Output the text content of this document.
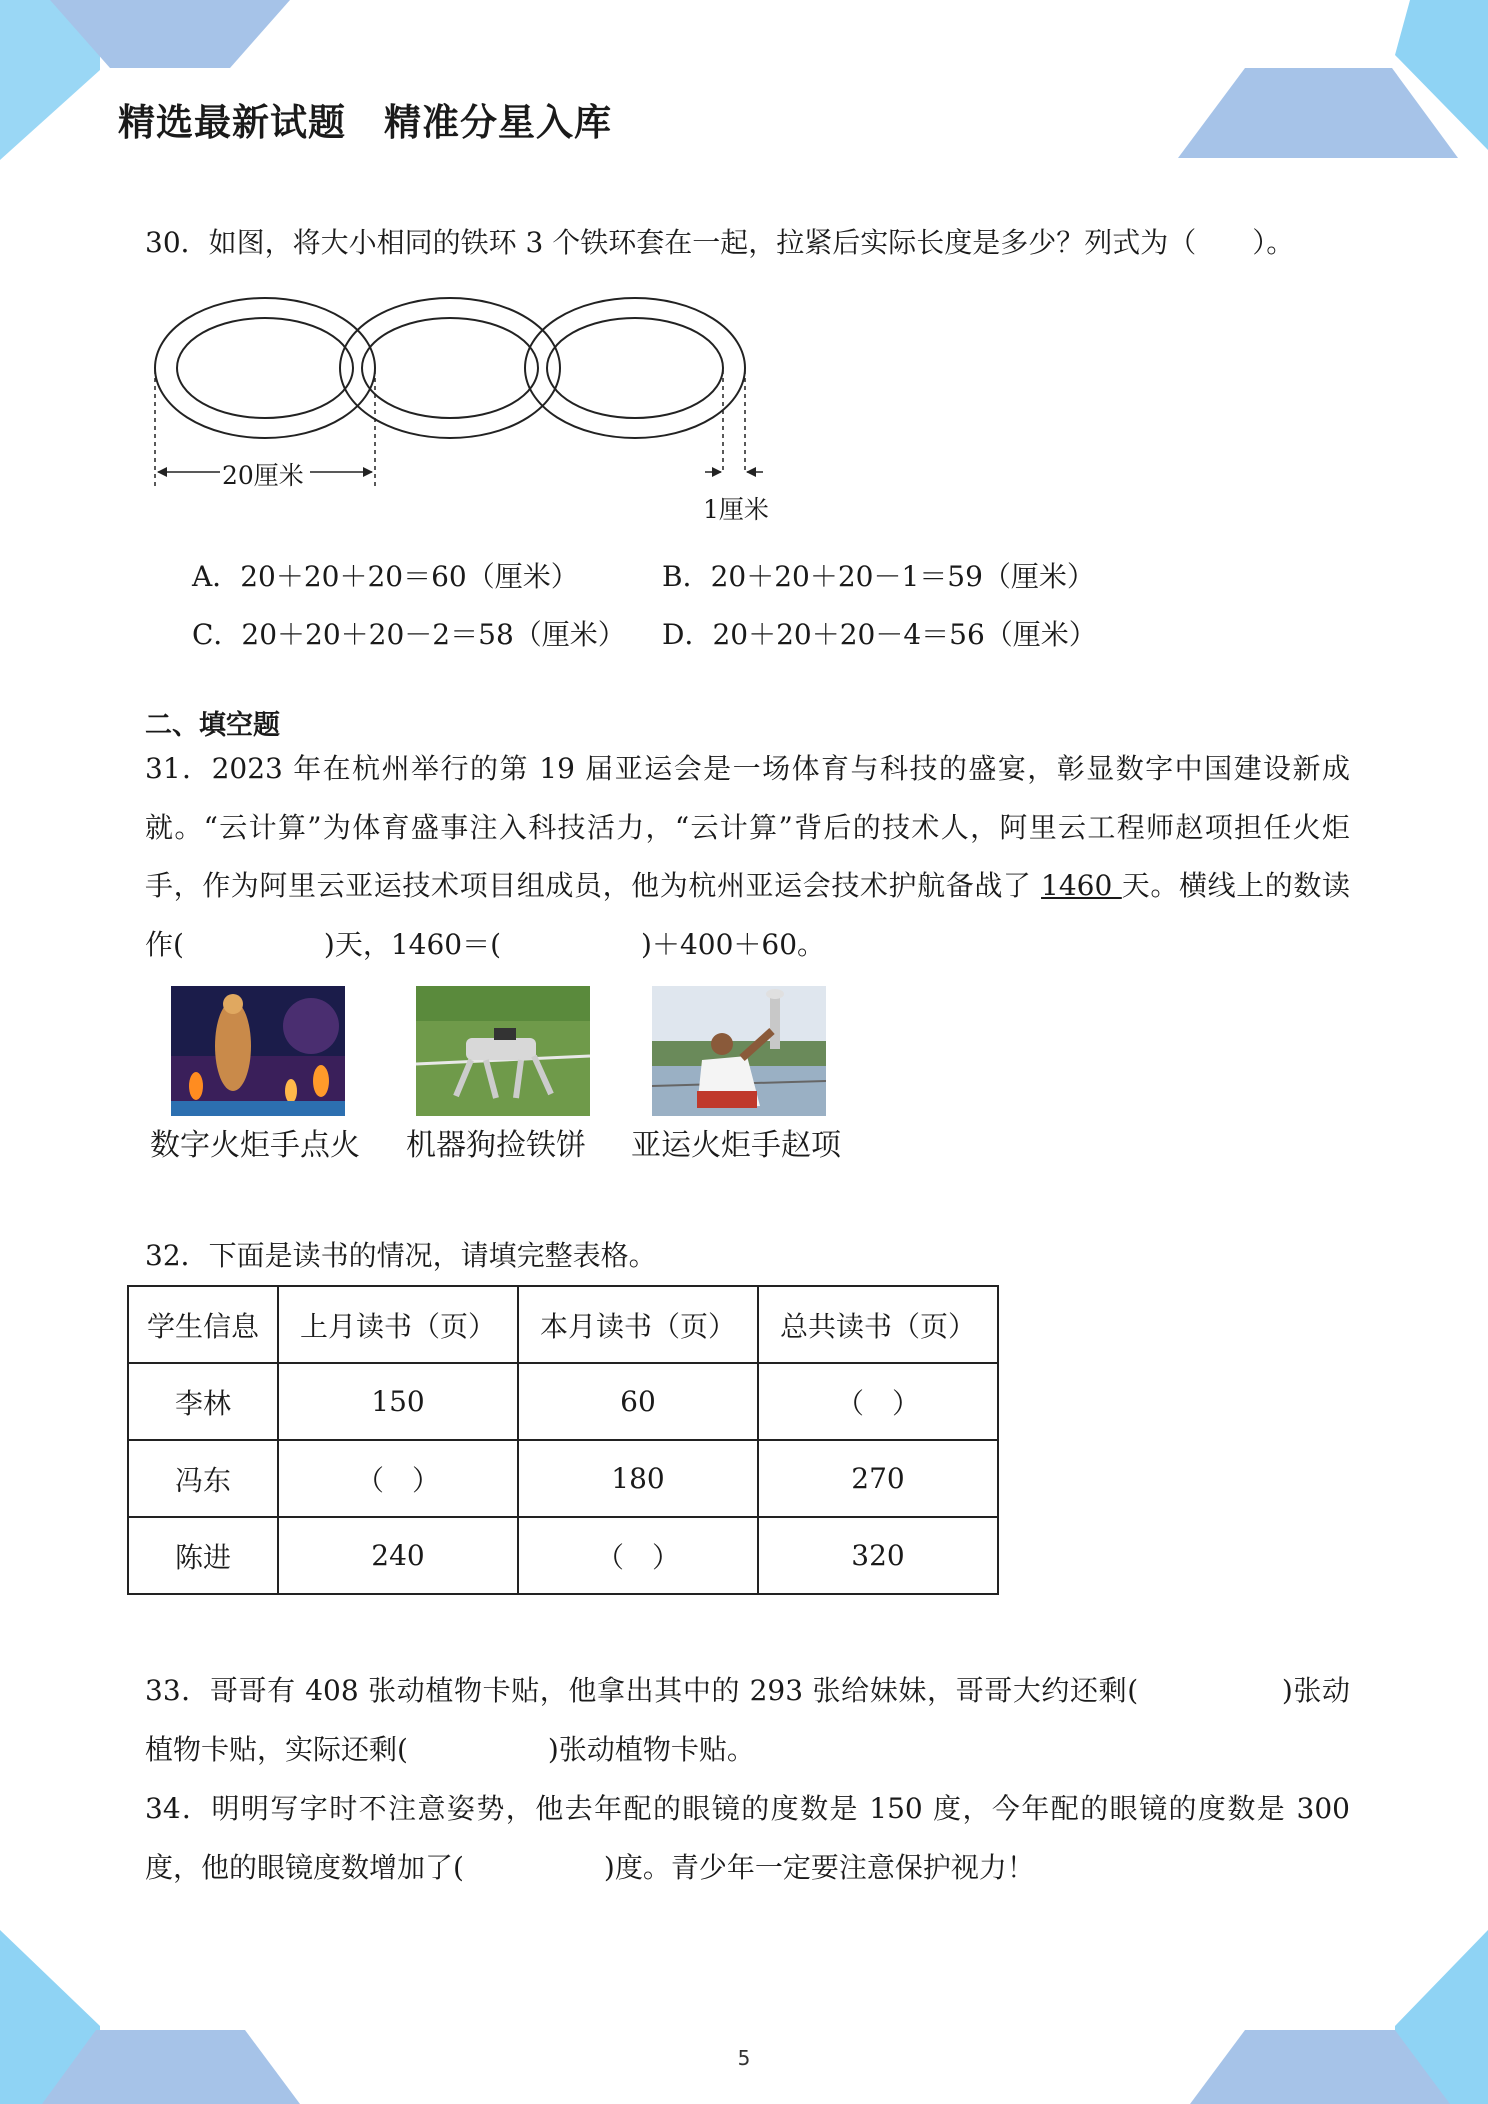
精选最新试题　精准分星入库
30．如图，将大小相同的铁环 3 个铁环套在一起，拉紧后实际长度是多少？列式为（　　）。
20厘米
1厘米
A．20＋20＋20＝60（厘米）	B．20＋20＋20－1＝59（厘米）
C．20＋20＋20－2＝58（厘米） D．20＋20＋20－4＝56（厘米）
二、填空题
31．2023 年在杭州举行的第 19 届亚运会是一场体育与科技的盛宴，彰显数字中国建设新成就。“云计算”为体育盛事注入科技活力，“云计算”背后的技术人，阿里云工程师赵项担任火炬手，作为阿里云亚运技术项目组成员，他为杭州亚运会技术护航备战了 1460 天。横线上的数读作(　　　　　)天，1460＝(　　　　　)＋400＋60。
数字火炬手点火 机器狗捡铁饼 亚运火炬手赵项
32．下面是读书的情况，请填完整表格。
学生信息	上月读书（页）	本月读书（页）	总共读书（页）
李林	150	60	（　）
冯东	（　）	180	270
陈进	240	（　）	320
33．哥哥有 408 张动植物卡贴，他拿出其中的 293 张给妹妹，哥哥大约还剩(　　　　　)张动植物卡贴，实际还剩(　　　　　)张动植物卡贴。
34．明明写字时不注意姿势，他去年配的眼镜的度数是 150 度，今年配的眼镜的度数是 300 度，他的眼镜度数增加了(　　　　　)度。青少年一定要注意保护视力！
5
